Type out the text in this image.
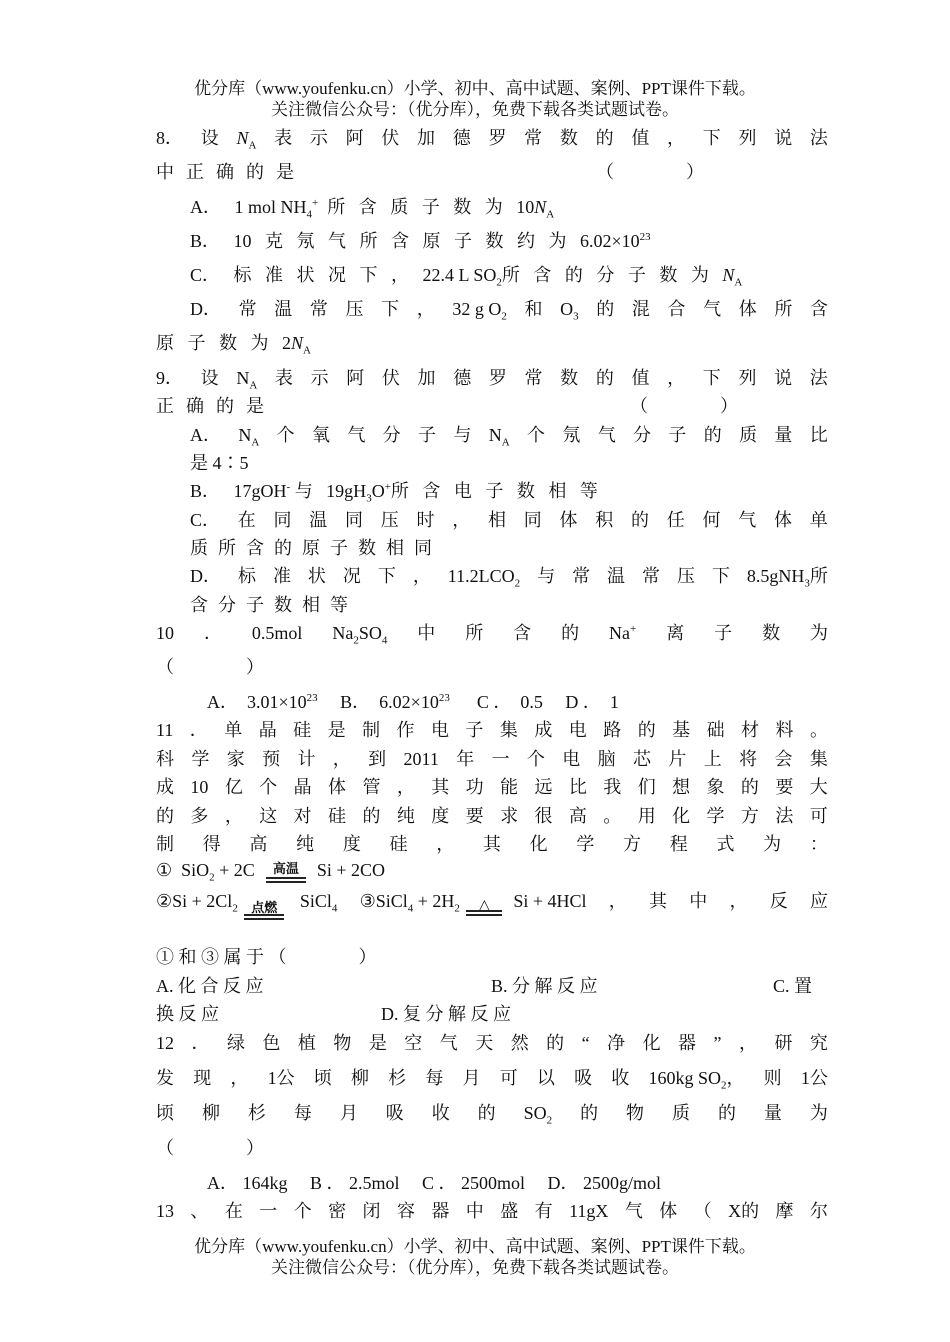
优分库（www.youfenku.cn）小学、初中、高中试题、案例、PPT课件下载。
关注微信公众号：（优分库），免费下载各类试题试卷。
8． 设 $N_A$ 表 示 阿 伏 加 德 罗 常 数 的 值 ， 下 列 说 法
中正确的是	（　　　　）
A．   1 mol $NH_4^+$  所   含   质   子   数   为   $10N_A$
B．   10   克   氖   气   所   含   原   子   数   约   为   $6.02\times 10^{23}$
C．   标   准   状   况   下   ，   22.4 L $SO_2$所   含   的   分   子   数   为   $N_A$
D． 常 温 常 压 下 ， 32 g $O_2$ 和 $O_3$ 的 混 合 气 体 所 含
原   子   数   为   $2N_A$
9． 设 $N_A$ 表 示 阿 伏 加 德 罗 常 数 的 值 ， 下 列 说 法
正确的是	（　　　　）
A． $N_A$ 个 氧 气 分 子 与 $N_A$ 个 氖 气 分 子 的 质 量 比
是 4∶5
B．   17gOH- 与   $19gH_3O^+$所   含   电   子   数   相   等
C． 在 同 温 同 压 时 ， 相 同 体 积 的 任 何 气 体 单
质所含的原子数相同
D． 标 准 状 况 下 ， $11.2LCO_2$ 与 常 温 常 压 下 8.5gNH$_3$所
含分子数相等
10 ． 0.5mol $Na_2SO_4$ 中 所 含 的 Na+ 离 子 数 为
（　　　　）
A．  $3.01\times 10^{23}$     B．  $6.02\times 10^{23}$      C ．  0.5     D ．  1
11 ． 单 晶 硅 是 制 作 电 子 集 成 电 路 的 基 础 材 料 。
科 学 家 预 计 ， 到 2011 年 一 个 电 脑 芯 片 上 将 会 集
成 10 亿 个 晶 体 管 ， 其 功 能 远 比 我 们 想 象 的 要 大
的 多 ， 这 对 硅 的 纯 度 要 求 很 高 。 用 化 学 方 法 可
制 得 高 纯 度 硅 ， 其 化 学 方 程 式 为 ：
①  SiO$_2$ + 2C 高温	Si + 2CO
②Si + $2Cl_2$	点燃 SiCl$_4$ ③SiCl$_4$ + $2H_2$	△ Si + 4HCl ， 其 中 ， 反 应
① 和 ③ 属 于 （　　　　）
A. 化 合 反 应	B. 分 解 反 应	C. 置
换 反 应	D. 复 分 解 反 应
12 ． 绿 色 植 物 是 空 气 天 然 的 “ 净 化 器 ” ， 研 究
发 现 ， 1公 顷 柳 杉 每 月 可 以 吸 收 160kg $SO_2$， 则 1公
顷 柳 杉 每 月 吸 收 的 $SO_2$ 的 物 质 的 量 为
（　　　　）
A． 164kg　 B ． 2.5mol　 C ． 2500mol　 D． 2500g/mol
13 、 在 一 个 密 闭 容 器 中 盛 有 11gX 气 体 （ X的 摩 尔
优分库（www.youfenku.cn）小学、初中、高中试题、案例、PPT课件下载。
关注微信公众号：（优分库），免费下载各类试题试卷。
